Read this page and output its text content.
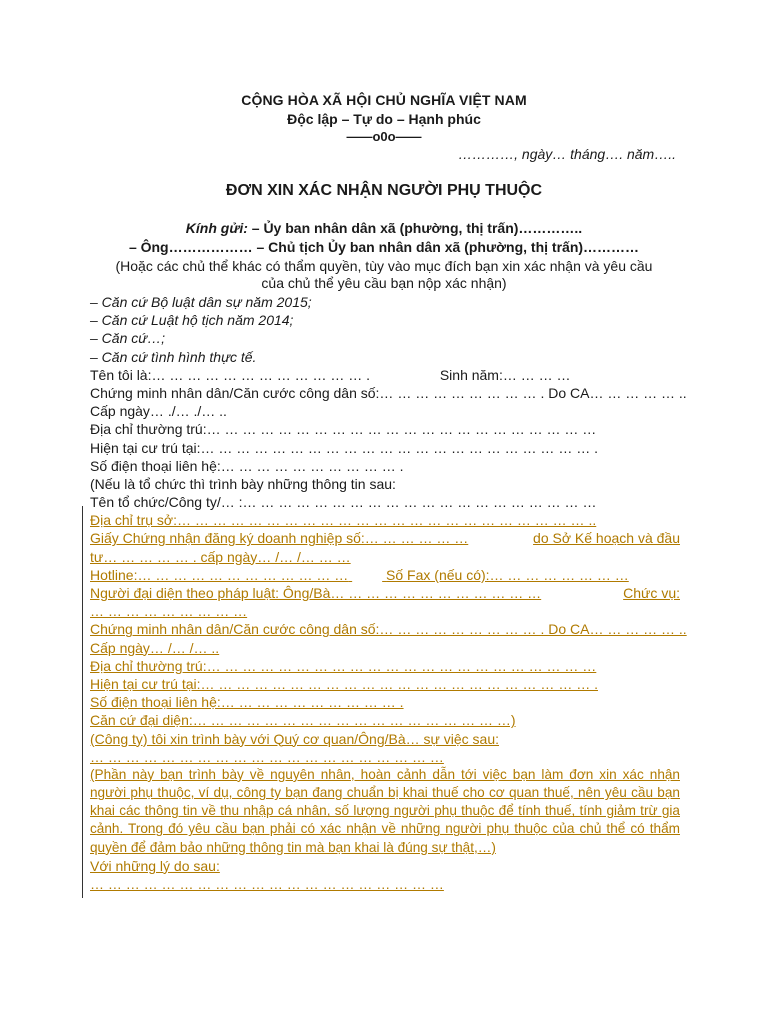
CỘNG HÒA XÃ HỘI CHỦ NGHĨA VIỆT NAM
Độc lập – Tự do – Hạnh phúc
——o0o——
…………, ngày… tháng…. năm…..
ĐƠN XIN XÁC NHẬN NGƯỜI PHỤ THUỘC
Kính gửi: – Ủy ban nhân dân xã (phường, thị trấn)…………..
– Ông……………… – Chủ tịch Ủy ban nhân dân xã (phường, thị trấn)…………
(Hoặc các chủ thể khác có thẩm quyền, tùy vào mục đích bạn xin xác nhận và yêu cầu
của chủ thể yêu cầu bạn nộp xác nhận)
– Căn cứ Bộ luật dân sự năm 2015;
– Căn cứ Luật hộ tịch năm 2014;
– Căn cứ…;
– Căn cứ tình hình thực tế.
Tên tôi là:… … … … … … … … … … … … .	Sinh năm:… … … …
Chứng minh nhân dân/Căn cước công dân số:… … … … … … … … … . Do CA… … … … … ..
Cấp ngày… ./… ./… ..
Địa chỉ thường trú:… … … … … … … … … … … … … … … … … … … … … …
Hiện tại cư trú tại:… … … … … … … … … … … … … … … … … … … … … … .
Số điện thoại liên hệ:… … … … … … … … … … .
(Nếu là tổ chức thì trình bày những thông tin sau:
Tên tổ chức/Công ty/… :… … … … … … … … … … … … … … … … … … … …
Địa chỉ trụ sở:… … … … … … … … … … … … … … … … … … … … … … … ..
Giấy Chứng nhận đăng ký doanh nghiệp số:… … … … … …	do Sở Kế hoạch và đầu
tư… … … … … . cấp ngày… /… /… … …
Hotline:… … … … … … … … … … … …	Số Fax (nếu có):… … … … … … … …
Người đại diện theo pháp luật: Ông/Bà… … … … … … … … … … … …	Chức vụ:
… … … … … … … … …
Chứng minh nhân dân/Căn cước công dân số:… … … … … … … … … . Do CA… … … … … ..
Cấp ngày… /… /… ..
Địa chỉ thường trú:… … … … … … … … … … … … … … … … … … … … … …
Hiện tại cư trú tại:… … … … … … … … … … … … … … … … … … … … … … .
Số điện thoại liên hệ:… … … … … … … … … … .
Căn cứ đại diện:… … … … … … … … … … … … … … … … … …)
(Công ty) tôi xin trình bày với Quý cơ quan/Ông/Bà… sự việc sau:
… … … … … … … … … … … … … … … … … … … …
(Phần này bạn trình bày về nguyên nhân, hoàn cảnh dẫn tới việc bạn làm đơn xin xác nhận người phụ thuộc, ví dụ, công ty bạn đang chuẩn bị khai thuế cho cơ quan thuế, nên yêu cầu bạn khai các thông tin về thu nhập cá nhân, số lượng người phụ thuộc để tính thuế, tính giảm trừ gia cảnh. Trong đó yêu cầu bạn phải có xác nhận về những người phụ thuộc của chủ thể có thẩm quyền để đảm bảo những thông tin mà bạn khai là đúng sự thật,…)
Với những lý do sau:
… … … … … … … … … … … … … … … … … … … …
